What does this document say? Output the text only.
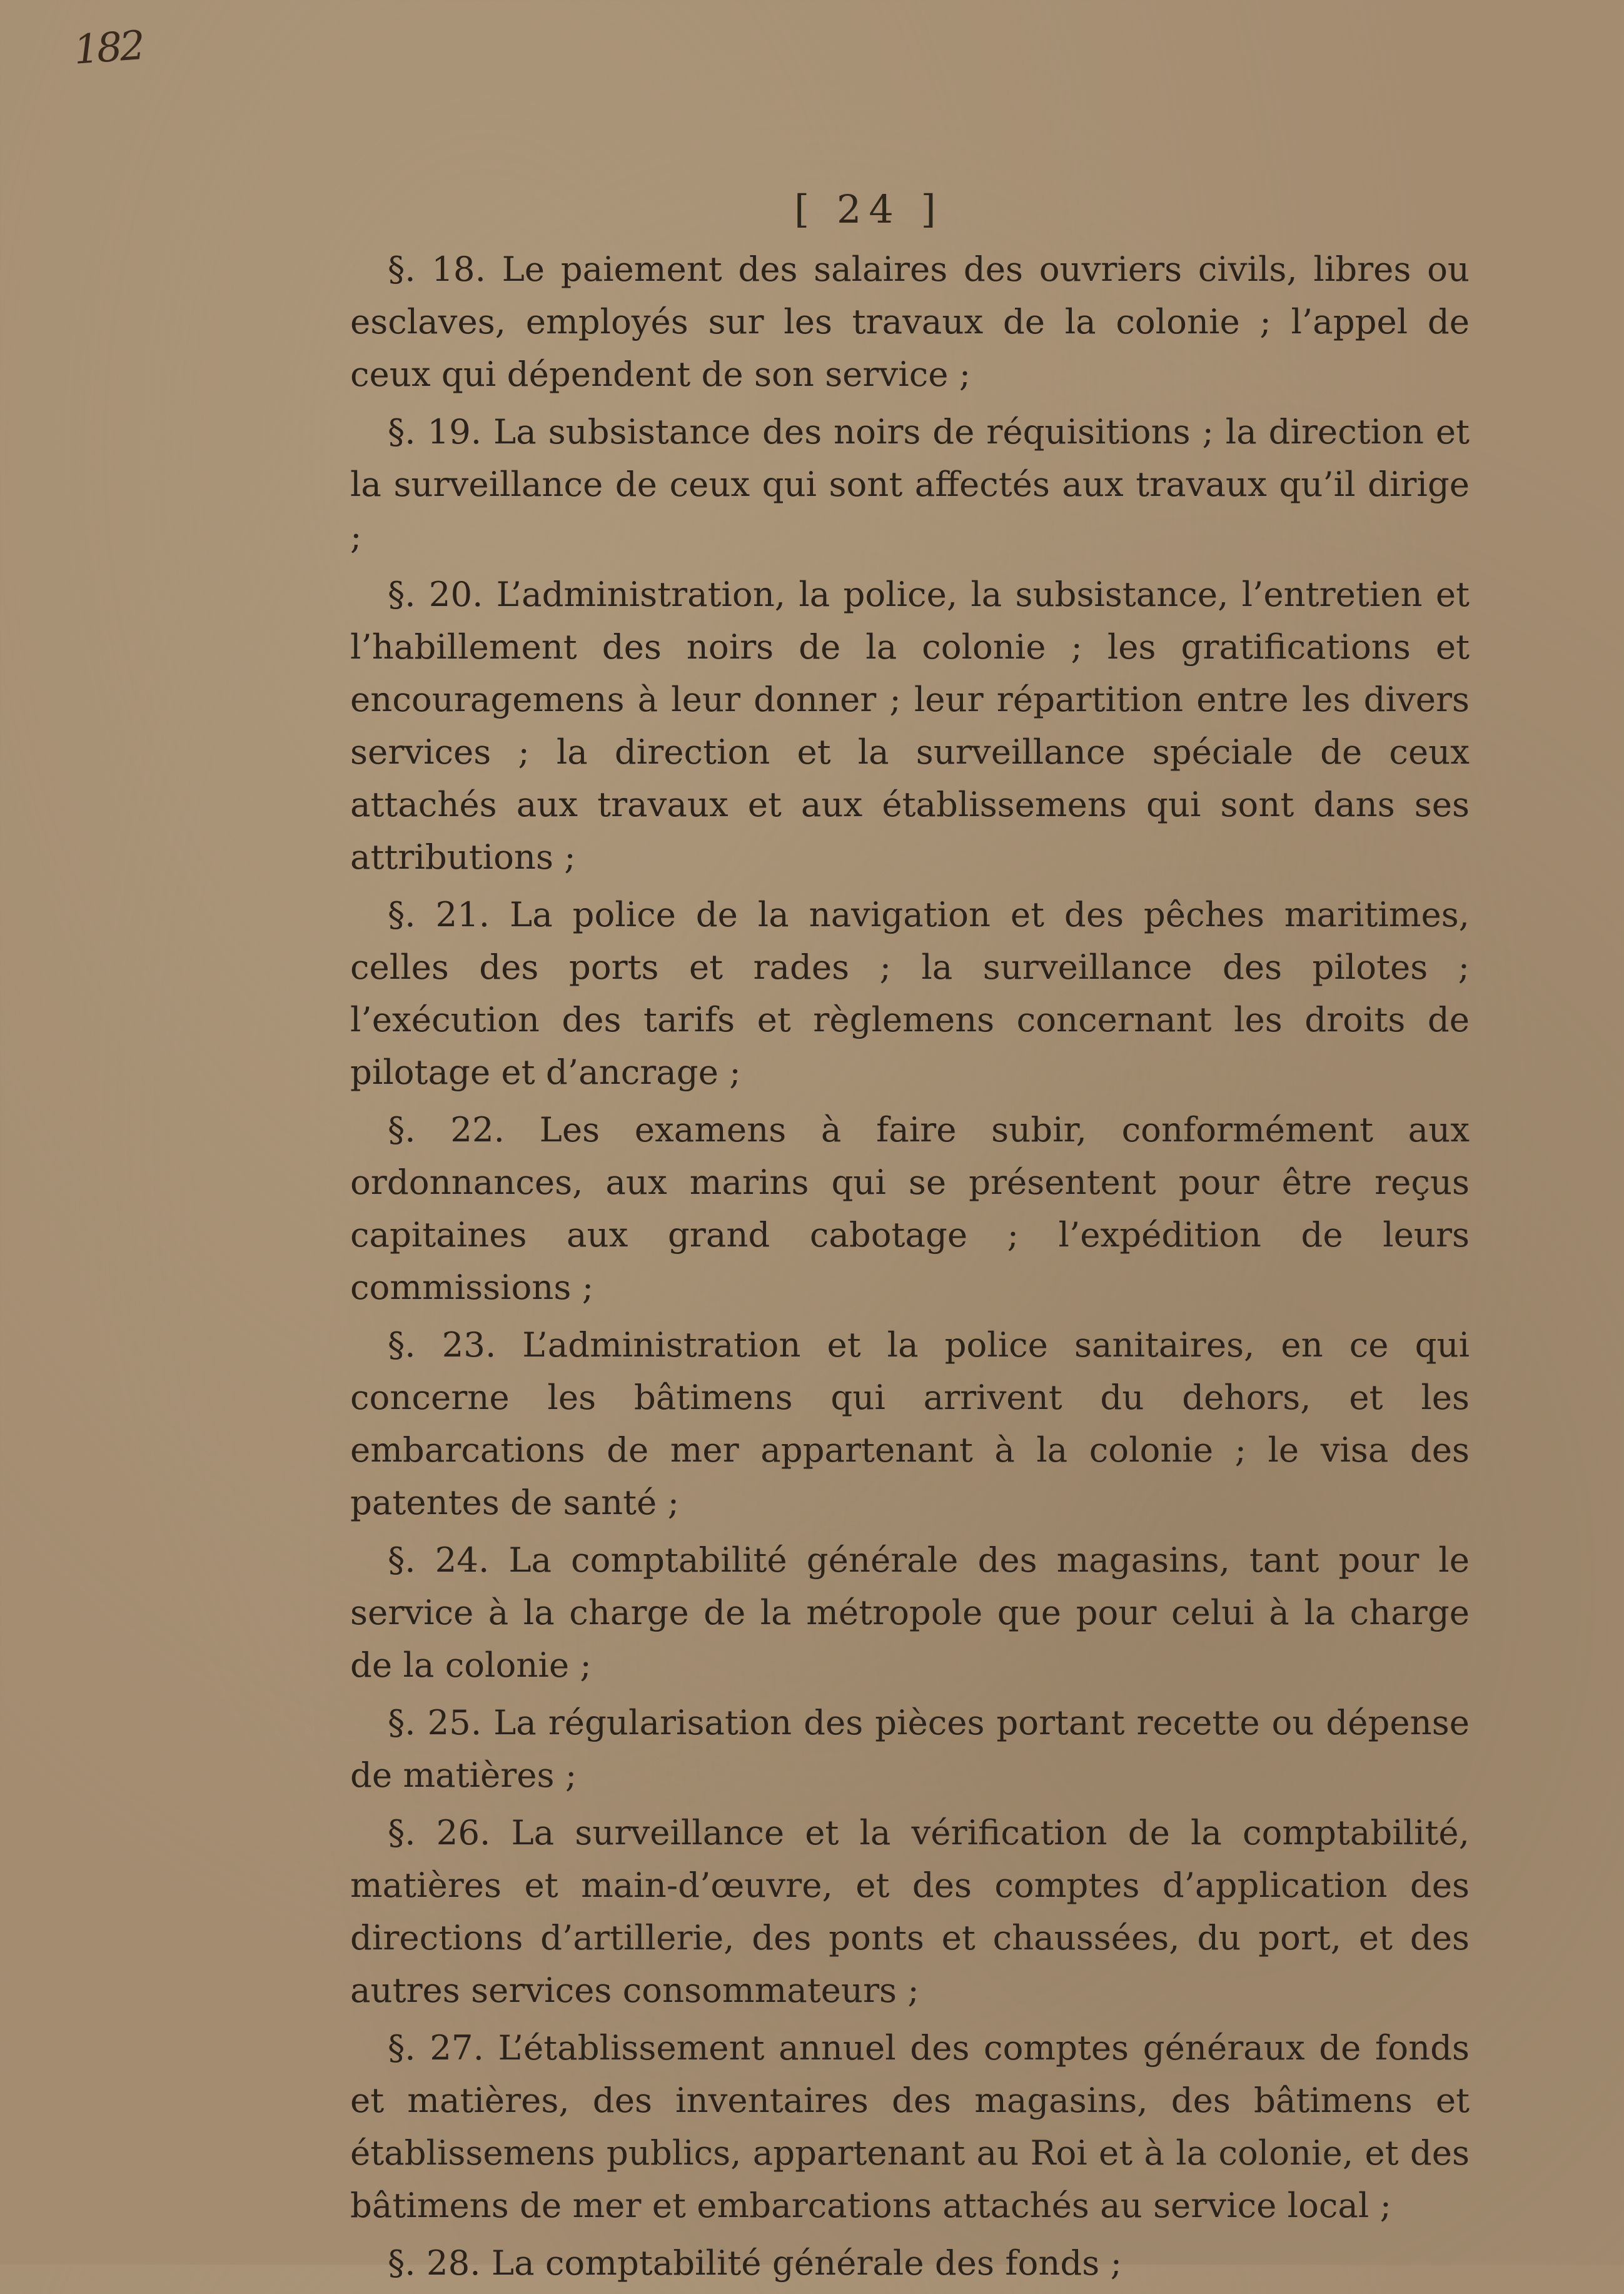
182
[ 24 ]

§. 18. Le paiement des salaires des ouvriers civils, libres ou esclaves, employés sur les travaux de la colonie ; l’appel de ceux qui dépendent de son service ;

§. 19. La subsistance des noirs de réquisitions ; la direction et la surveillance de ceux qui sont affectés aux travaux qu’il dirige ;

§. 20. L’administration, la police, la subsistance, l’entretien et l’habillement des noirs de la colonie ; les gratifications et encouragemens à leur donner ; leur répartition entre les divers services ; la direction et la surveillance spéciale de ceux attachés aux travaux et aux établissemens qui sont dans ses attributions ;

§. 21. La police de la navigation et des pêches maritimes, celles des ports et rades ; la surveillance des pilotes ; l’exécution des tarifs et règlemens concernant les droits de pilotage et d’ancrage ;

§. 22. Les examens à faire subir, conformément aux ordonnances, aux marins qui se présentent pour être reçus capitaines aux grand cabotage ; l’expédition de leurs commissions ;

§. 23. L’administration et la police sanitaires, en ce qui concerne les bâtimens qui arrivent du dehors, et les embarcations de mer appartenant à la colonie ; le visa des patentes de santé ;

§. 24. La comptabilité générale des magasins, tant pour le service à la charge de la métropole que pour celui à la charge de la colonie ;

§. 25. La régularisation des pièces portant recette ou dépense de matières ;

§. 26. La surveillance et la vérification de la comptabilité, matières et main-d’œuvre, et des comptes d’application des directions d’artillerie, des ponts et chaussées, du port, et des autres services consommateurs ;

§. 27. L’établissement annuel des comptes généraux de fonds et matières, des inventaires des magasins, des bâtimens et établissemens publics, appartenant au Roi et à la colonie, et des bâtimens de mer et embarcations attachés au service local ;

§. 28. La comptabilité générale des fonds ;
